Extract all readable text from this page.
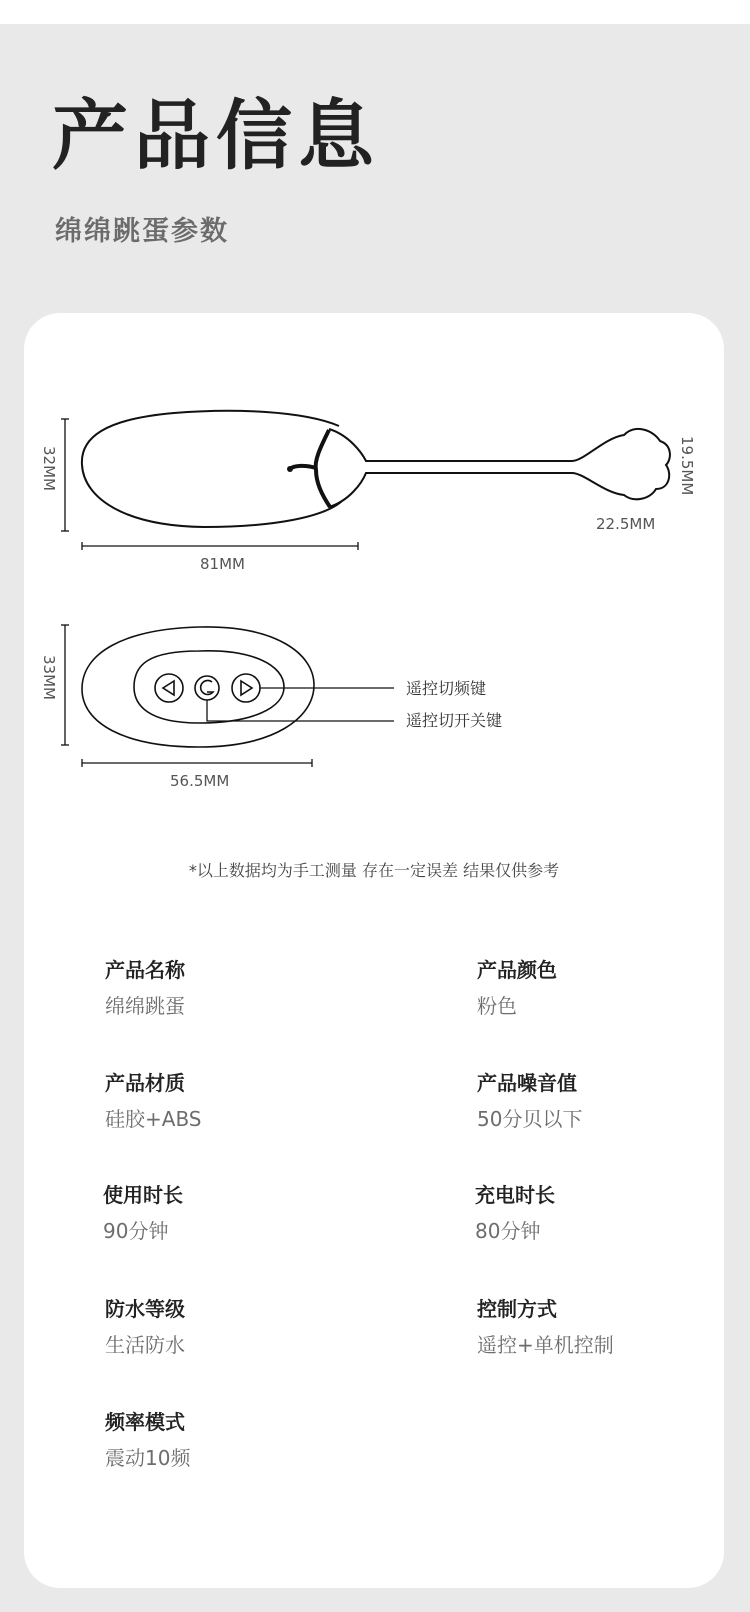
产品信息
绵绵跳蛋参数
32MM
81MM
19.5MM
22.5MM
遥控切频键
遥控切开关键
33MM
56.5MM
*以上数据均为手工测量 存在一定误差 结果仅供参考
产品名称
绵绵跳蛋
产品颜色
粉色
产品材质
硅胶+ABS
产品噪音值
50分贝以下
使用时长
90分钟
充电时长
80分钟
防水等级
生活防水
控制方式
遥控+单机控制
频率模式
震动10频
